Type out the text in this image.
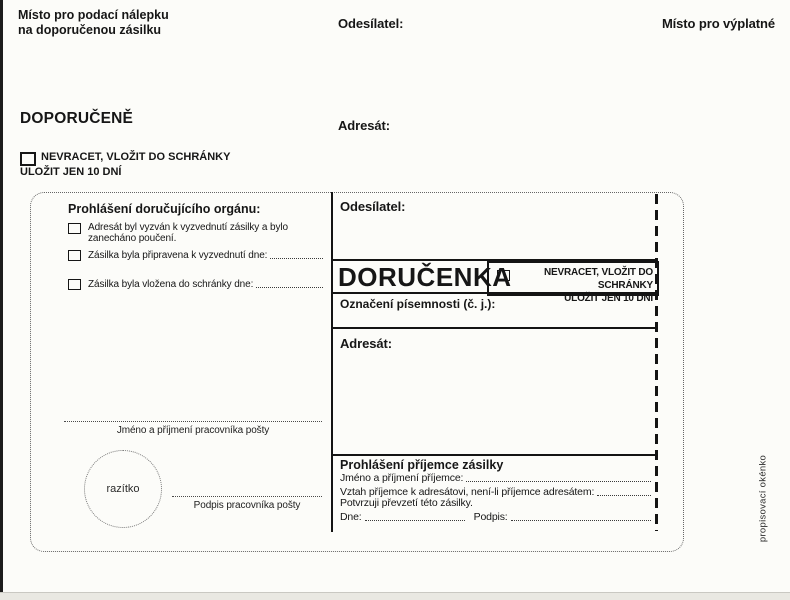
Místo pro podací nálepku
na doporučenou zásilku	Odesílatel:	Místo pro výplatné
DOPORUČENĚ	Adresát:
NEVRACET, VLOŽIT DO SCHRÁNKY
ULOŽIT JEN 10 DNÍ
Prohlášení doručujícího orgánu:
Adresát byl vyzván k vyzvednutí zásilky a bylo zanecháno poučení.
Zásilka byla připravena k vyzvednutí dne:
Zásilka byla vložena do schránky dne:
Jméno a příjmení pracovníka pošty
razítko
Podpis pracovníka pošty
Odesílatel:
DORUČENKA	NEVRACET, VLOŽIT DO SCHRÁNKY
ULOŽIT JEN 10 DNÍ
Označení písemnosti (č. j.):
Adresát:
Prohlášení příjemce zásilky
Jméno a příjmení příjemce:
Vztah příjemce k adresátovi, není-li příjemce adresátem:
Potvrzuji převzetí této zásilky.
Dne:	Podpis:	propisovací okénko
